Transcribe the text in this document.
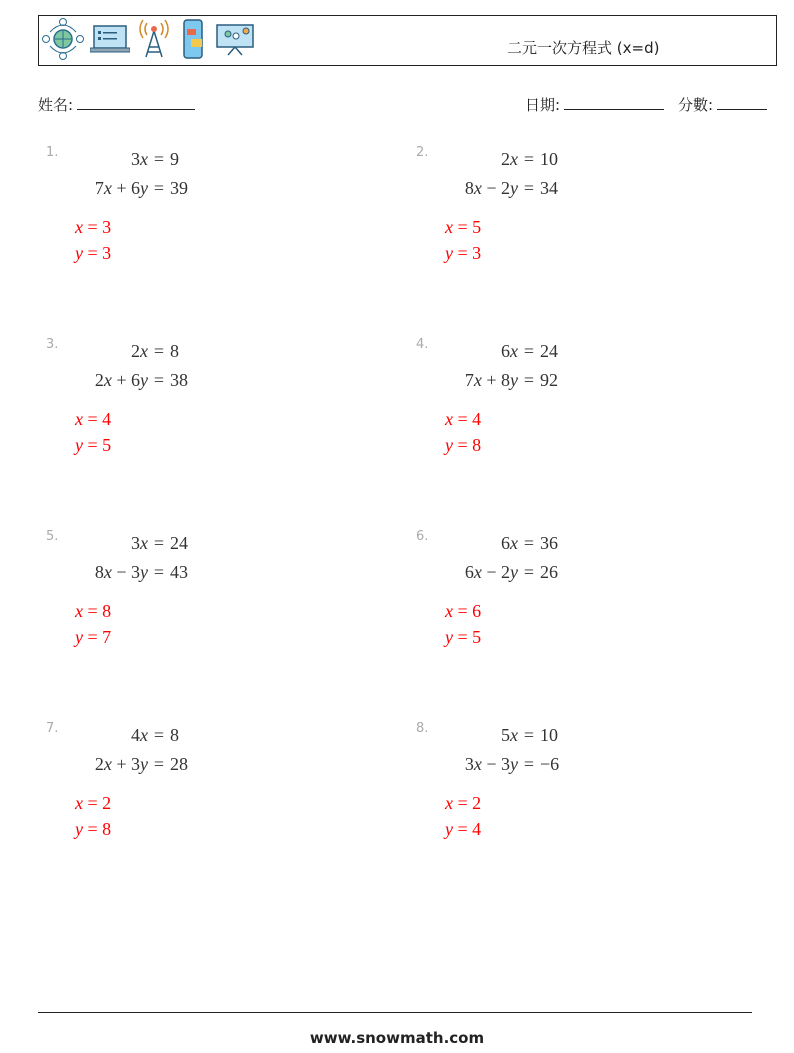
二元一次方程式 (x=d)
姓名:	日期:	分數:
1.	3x = 9
7x + 6y = 39
x = 3
y = 3
2.	2x = 10
8x − 2y = 34
x = 5
y = 3
3.	2x = 8
2x + 6y = 38
x = 4
y = 5
4.	6x = 24
7x + 8y = 92
x = 4
y = 8
5.	3x = 24
8x − 3y = 43
x = 8
y = 7
6.	6x = 36
6x − 2y = 26
x = 6
y = 5
7.	4x = 8
2x + 3y = 28
x = 2
y = 8
8.	5x = 10
3x − 3y = −6
x = 2
y = 4
www.snowmath.com
